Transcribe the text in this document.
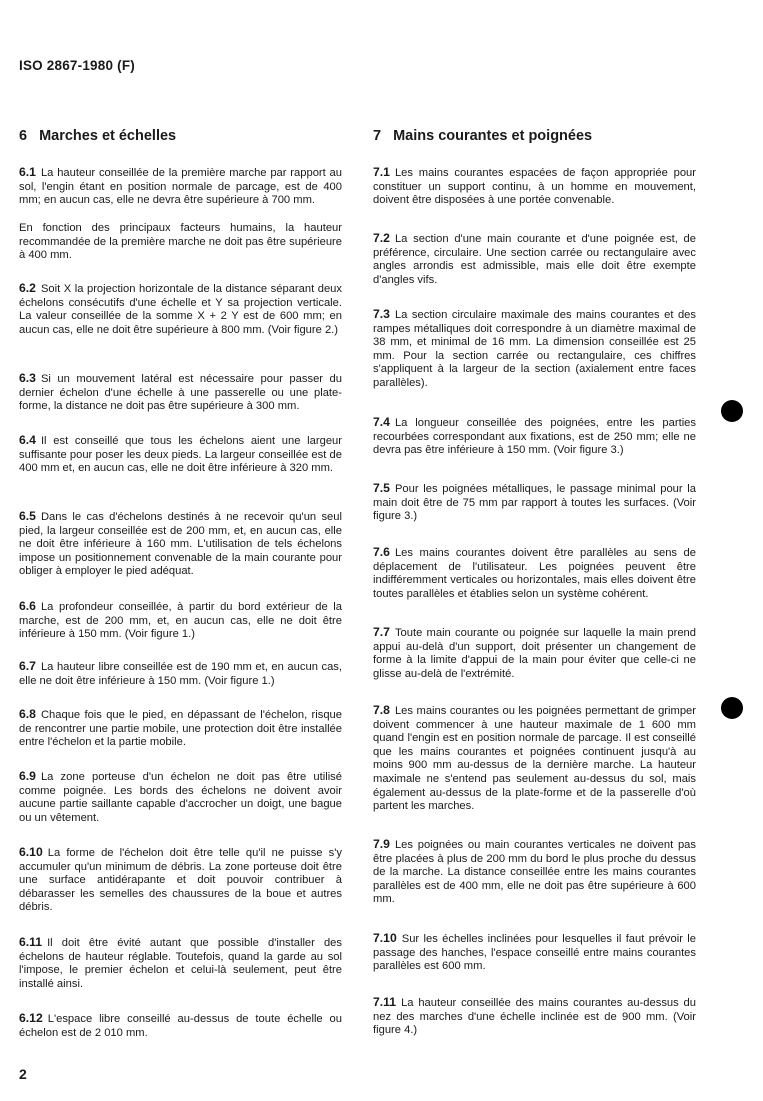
ISO 2867-1980 (F)
6 Marches et échelles

6.1 La hauteur conseillée de la première marche par rapport au sol, l'engin étant en position normale de parcage, est de 400 mm; en aucun cas, elle ne devra être supérieure à 700 mm.

En fonction des principaux facteurs humains, la hauteur recommandée de la première marche ne doit pas être supérieure à 400 mm.

6.2 Soit X la projection horizontale de la distance séparant deux échelons consécutifs d'une échelle et Y sa projection verticale. La valeur conseillée de la somme X + 2 Y est de 600 mm; en aucun cas, elle ne doit être supérieure à 800 mm. (Voir figure 2.)

6.3 Si un mouvement latéral est nécessaire pour passer du dernier échelon d'une échelle à une passerelle ou une plate-forme, la distance ne doit pas être supérieure à 300 mm.

6.4 Il est conseillé que tous les échelons aient une largeur suffisante pour poser les deux pieds. La largeur conseillée est de 400 mm et, en aucun cas, elle ne doit être inférieure à 320 mm.

6.5 Dans le cas d'échelons destinés à ne recevoir qu'un seul pied, la largeur conseillée est de 200 mm, et, en aucun cas, elle ne doit être inférieure à 160 mm. L'utilisation de tels échelons impose un positionnement convenable de la main courante pour obliger à employer le pied adéquat.

6.6 La profondeur conseillée, à partir du bord extérieur de la marche, est de 200 mm, et, en aucun cas, elle ne doit être inférieure à 150 mm. (Voir figure 1.)

6.7 La hauteur libre conseillée est de 190 mm et, en aucun cas, elle ne doit être inférieure à 150 mm. (Voir figure 1.)

6.8 Chaque fois que le pied, en dépassant de l'échelon, risque de rencontrer une partie mobile, une protection doit être installée entre l'échelon et la partie mobile.

6.9 La zone porteuse d'un échelon ne doit pas être utilisé comme poignée. Les bords des échelons ne doivent avoir aucune partie saillante capable d'accrocher un doigt, une bague ou un vêtement.

6.10 La forme de l'échelon doit être telle qu'il ne puisse s'y accumuler qu'un minimum de débris. La zone porteuse doit être une surface antidérapante et doit pouvoir contribuer à débarasser les semelles des chaussures de la boue et autres débris.

6.11 Il doit être évité autant que possible d'installer des échelons de hauteur réglable. Toutefois, quand la garde au sol l'impose, le premier échelon et celui-là seulement, peut être installé ainsi.

6.12 L'espace libre conseillé au-dessus de toute échelle ou échelon est de 2 010 mm.

7 Mains courantes et poignées

7.1 Les mains courantes espacées de façon appropriée pour constituer un support continu, à un homme en mouvement, doivent être disposées à une portée convenable.

7.2 La section d'une main courante et d'une poignée est, de préférence, circulaire. Une section carrée ou rectangulaire avec angles arrondis est admissible, mais elle doit être exempte d'angles vifs.

7.3 La section circulaire maximale des mains courantes et des rampes métalliques doit correspondre à un diamètre maximal de 38 mm, et minimal de 16 mm. La dimension conseillée est 25 mm. Pour la section carrée ou rectangulaire, ces chiffres s'appliquent à la largeur de la section (axialement entre faces parallèles).

7.4 La longueur conseillée des poignées, entre les parties recourbées correspondant aux fixations, est de 250 mm; elle ne devra pas être inférieure à 150 mm. (Voir figure 3.)

7.5 Pour les poignées métalliques, le passage minimal pour la main doit être de 75 mm par rapport à toutes les surfaces. (Voir figure 3.)

7.6 Les mains courantes doivent être parallèles au sens de déplacement de l'utilisateur. Les poignées peuvent être indifféremment verticales ou horizontales, mais elles doivent être toutes parallèles et établies selon un système cohérent.

7.7 Toute main courante ou poignée sur laquelle la main prend appui au-delà d'un support, doit présenter un changement de forme à la limite d'appui de la main pour éviter que celle-ci ne glisse au-delà de l'extrémité.

7.8 Les mains courantes ou les poignées permettant de grimper doivent commencer à une hauteur maximale de 1 600 mm quand l'engin est en position normale de parcage. Il est conseillé que les mains courantes et poignées continuent jusqu'à au moins 900 mm au-dessus de la dernière marche. La hauteur maximale ne s'entend pas seulement au-dessus du sol, mais également au-dessus de la plate-forme et de la passerelle d'où partent les marches.

7.9 Les poignées ou main courantes verticales ne doivent pas être placées à plus de 200 mm du bord le plus proche du dessus de la marche. La distance conseillée entre les mains courantes parallèles est de 400 mm, elle ne doit pas être supérieure à 600 mm.

7.10 Sur les échelles inclinées pour lesquelles il faut prévoir le passage des hanches, l'espace conseillé entre mains courantes parallèles est 600 mm.

7.11 La hauteur conseillée des mains courantes au-dessus du nez des marches d'une échelle inclinée est de 900 mm. (Voir figure 4.)

2
